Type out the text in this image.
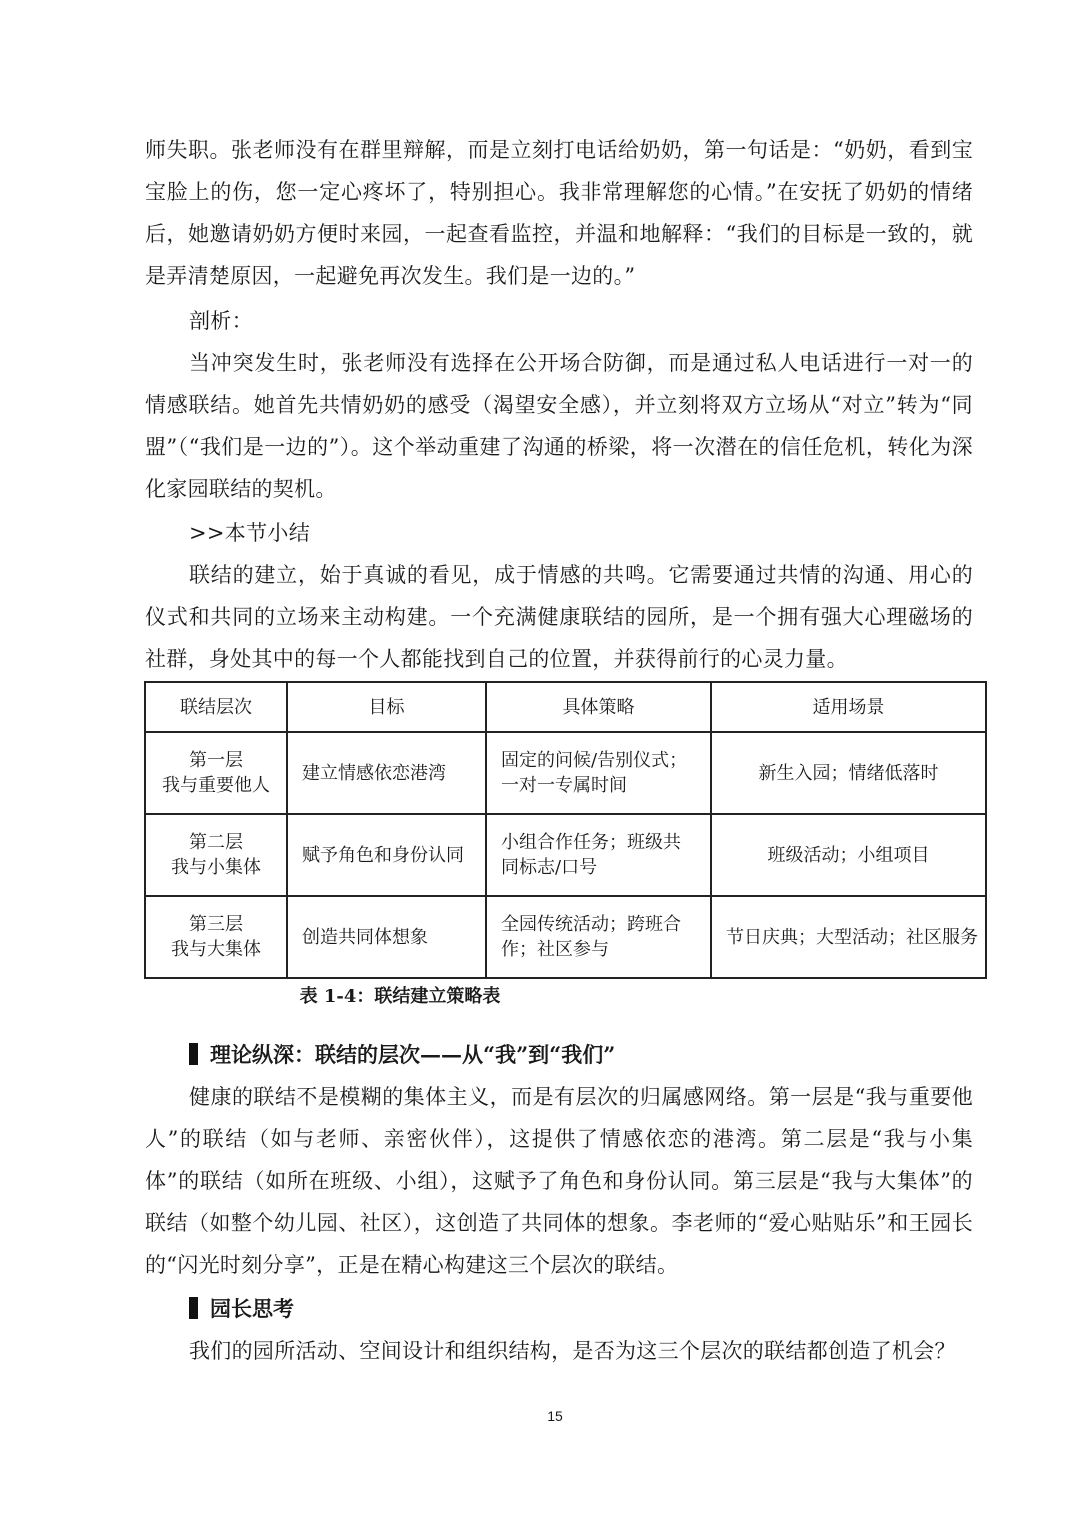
师失职。张老师没有在群里辩解，而是立刻打电话给奶奶，第一句话是：“奶奶，看到宝宝脸上的伤，您一定心疼坏了，特别担心。我非常理解您的心情。”在安抚了奶奶的情绪后，她邀请奶奶方便时来园，一起查看监控，并温和地解释：“我们的目标是一致的，就是弄清楚原因，一起避免再次发生。我们是一边的。”

剖析：

当冲突发生时，张老师没有选择在公开场合防御，而是通过私人电话进行一对一的情感联结。她首先共情奶奶的感受（渴望安全感），并立刻将双方立场从“对立”转为“同盟”（“我们是一边的”）。这个举动重建了沟通的桥梁，将一次潜在的信任危机，转化为深化家园联结的契机。

>>本节小结

联结的建立，始于真诚的看见，成于情感的共鸣。它需要通过共情的沟通、用心的仪式和共同的立场来主动构建。一个充满健康联结的园所，是一个拥有强大心理磁场的社群，身处其中的每一个人都能找到自己的位置，并获得前行的心灵力量。

联结层次	目标	具体策略	适用场景

第一层
我与重要他人	建立情感依恋港湾	固定的问候/告别仪式；一对一专属时间	新生入园；情绪低落时

第二层
我与小集体	赋予角色和身份认同	小组合作任务；班级共同标志/口号	班级活动；小组项目

第三层
我与大集体	创造共同体想象	全园传统活动；跨班合作；社区参与	节日庆典；大型活动；社区服务
表 1-4：联结建立策略表
理论纵深：联结的层次——从“我”到“我们”

健康的联结不是模糊的集体主义，而是有层次的归属感网络。第一层是“我与重要他人”的联结（如与老师、亲密伙伴），这提供了情感依恋的港湾。第二层是“我与小集体”的联结（如所在班级、小组），这赋予了角色和身份认同。第三层是“我与大集体”的联结（如整个幼儿园、社区），这创造了共同体的想象。李老师的“爱心贴贴乐”和王园长的“闪光时刻分享”，正是在精心构建这三个层次的联结。

园长思考

我们的园所活动、空间设计和组织结构，是否为这三个层次的联结都创造了机会？

15
